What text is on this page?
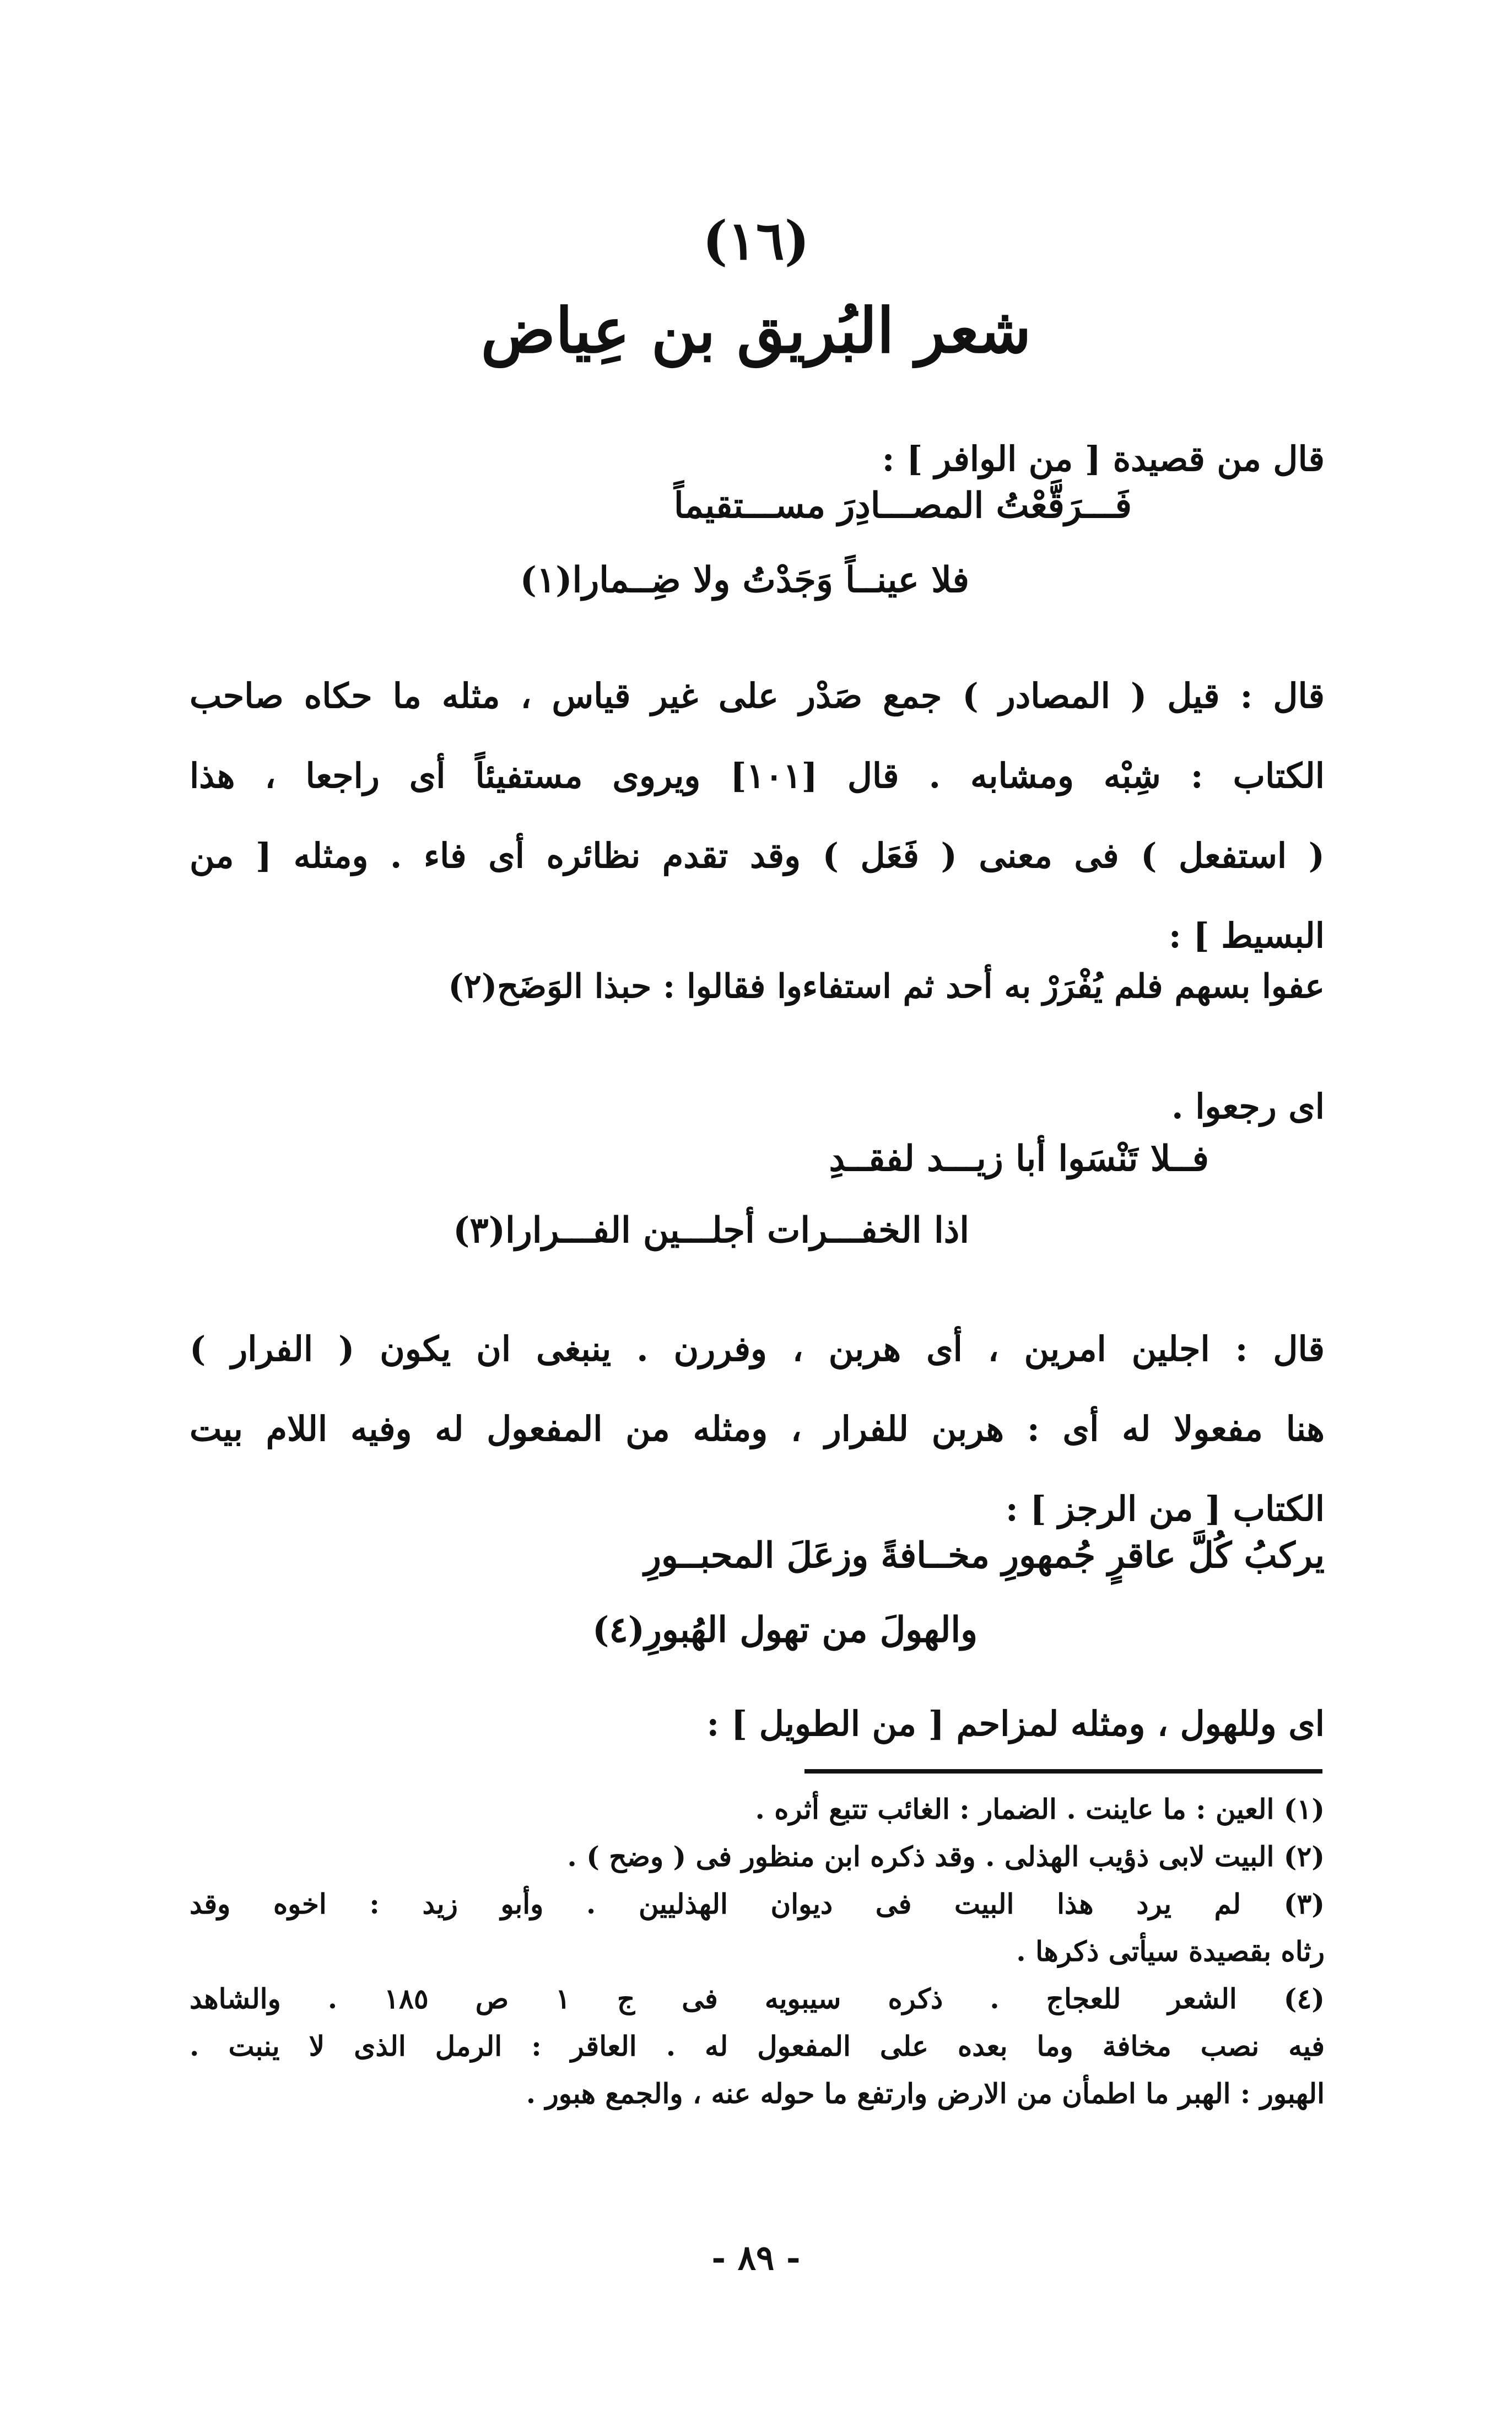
(١٦)
شعر البُريق بن عِياض
قال من قصيدة [ من الوافر ] :
فَـــرَقَّعْتُ المصـــادِرَ مســـتقيماً
فلا عينــاً وَجَدْتُ ولا ضِــمارا(١)
قال : قيل ( المصادر ) جمع صَدْر على غير قياس ، مثله ما حكاه صاحب
الكتاب : شِبْه ومشابه . قال [١٠١] ويروى مستفيئاً أى راجعا ، هذا
( استفعل ) فى معنى ( فَعَل ) وقد تقدم نظائره أى فاء . ومثله [ من
البسيط ] :
عفوا بسهم فلم يُفْرَرْ به أحد ثم استفاءوا فقالوا : حبذا الوَضَح(٢)
اى رجعوا .
فــلا تَنْسَوا أبا زيـــد لفقــدِ
اذا الخفـــرات أجلـــين الفـــرارا(٣)
قال : اجلين امرين ، أى هربن ، وفررن . ينبغى ان يكون ( الفرار )
هنا مفعولا له أى : هربن للفرار ، ومثله من المفعول له وفيه اللام بيت
الكتاب [ من الرجز ] :
يركبُ كُلَّ عاقرٍ جُمهورِ مخــافةً وزعَلَ المحبــورِ
والهولَ من تهول الهُبورِ(٤)
اى وللهول ، ومثله لمزاحم [ من الطويل ] :
(١) العين : ما عاينت . الضمار : الغائب تتبع أثره .
(٢) البيت لابى ذؤيب الهذلى . وقد ذكره ابن منظور فى ( وضح ) .
(٣) لم يرد هذا البيت فى ديوان الهذليين . وأبو زيد : اخوه وقد
رثاه بقصيدة سيأتى ذكرها .
(٤) الشعر للعجاج . ذكره سيبويه فى ج ١ ص ١٨٥ . والشاهد
فيه نصب مخافة وما بعده على المفعول له . العاقر : الرمل الذى لا ينبت .
الهبور : الهبر ما اطمأن من الارض وارتفع ما حوله عنه ، والجمع هبور .
- ٨٩ -
